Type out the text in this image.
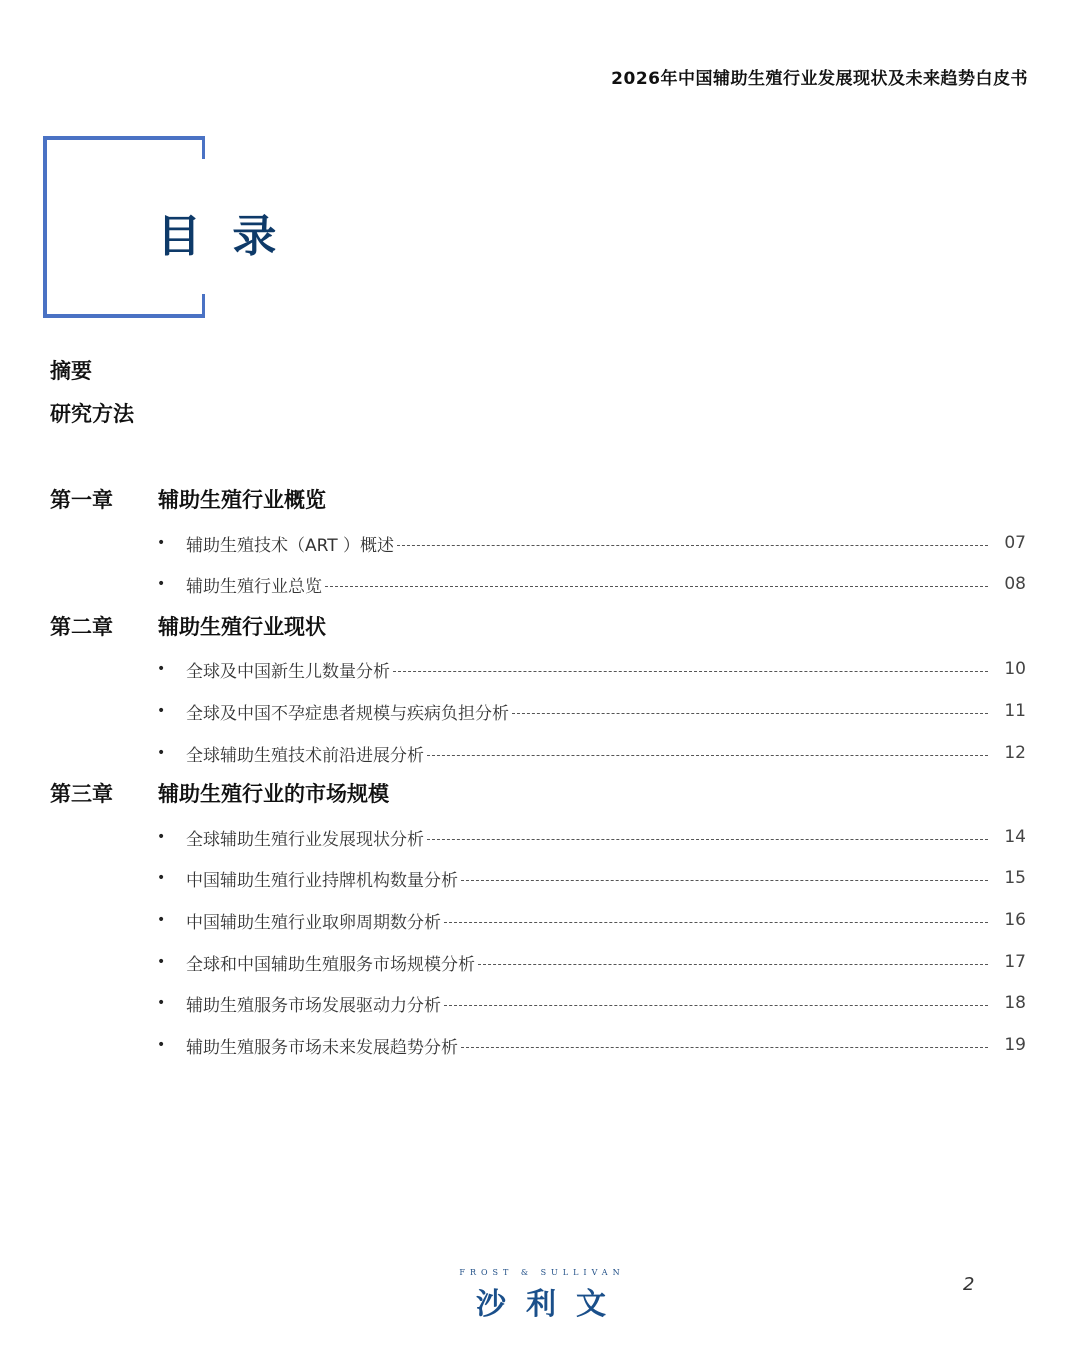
2026年中国辅助生殖行业发展现状及未来趋势白皮书
目 录
摘要
研究方法
第一章 辅助生殖行业概览
•	辅助生殖技术（ART ）概述	07
•	辅助生殖行业总览	08
第二章 辅助生殖行业现状
•	全球及中国新生儿数量分析	10
•	全球及中国不孕症患者规模与疾病负担分析	11
•	全球辅助生殖技术前沿进展分析	12
第三章 辅助生殖行业的市场规模
•	全球辅助生殖行业发展现状分析	14
•	中国辅助生殖行业持牌机构数量分析	15
•	中国辅助生殖行业取卵周期数分析	16
•	全球和中国辅助生殖服务市场规模分析	17
•	辅助生殖服务市场发展驱动力分析	18
•	辅助生殖服务市场未来发展趋势分析	19
FROST & SULLIVAN
沙利文
2
